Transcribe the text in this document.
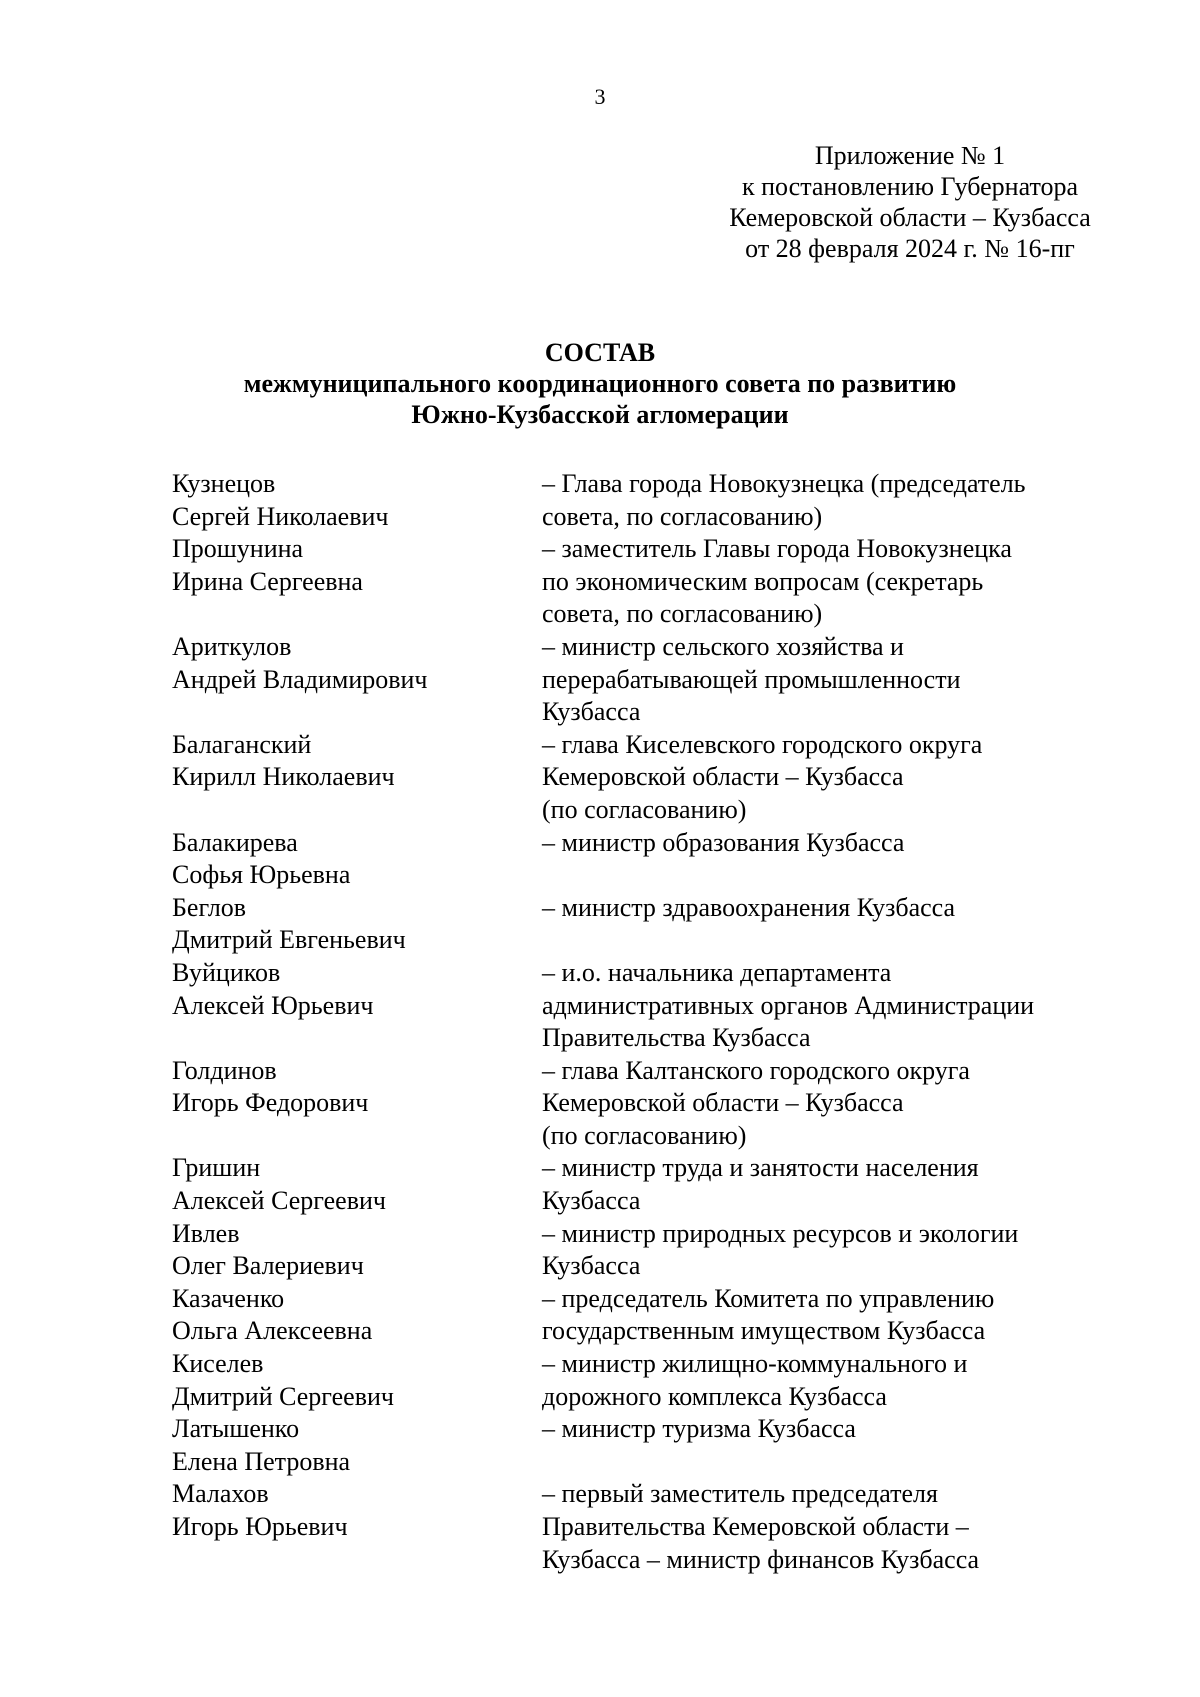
3
Приложение № 1
к постановлению Губернатора
Кемеровской области – Кузбасса
от 28 февраля 2024 г. № 16-пг
СОСТАВ
межмуниципального координационного совета по развитию
Южно-Кузбасской агломерации
Кузнецов
Сергей Николаевич
– Глава города Новокузнецка (председатель
совета, по согласованию)
Прошунина
Ирина Сергеевна
– заместитель Главы города Новокузнецка
по экономическим вопросам (секретарь
совета, по согласованию)
Ариткулов
Андрей Владимирович
– министр сельского хозяйства и
перерабатывающей промышленности
Кузбасса
Балаганский
Кирилл Николаевич
– глава Киселевского городского округа
Кемеровской области – Кузбасса
(по согласованию)
Балакирева
Софья Юрьевна
– министр образования Кузбасса
Беглов
Дмитрий Евгеньевич
– министр здравоохранения Кузбасса
Вуйциков
Алексей Юрьевич
– и.о. начальника департамента
административных органов Администрации
Правительства Кузбасса
Голдинов
Игорь Федорович
– глава Калтанского городского округа
Кемеровской области – Кузбасса
(по согласованию)
Гришин
Алексей Сергеевич
– министр труда и занятости населения
Кузбасса
Ивлев
Олег Валериевич
– министр природных ресурсов и экологии
Кузбасса
Казаченко
Ольга Алексеевна
– председатель Комитета по управлению
государственным имуществом Кузбасса
Киселев
Дмитрий Сергеевич
– министр жилищно-коммунального и
дорожного комплекса Кузбасса
Латышенко
Елена Петровна
– министр туризма Кузбасса
Малахов
Игорь Юрьевич
– первый заместитель председателя
Правительства Кемеровской области –
Кузбасса – министр финансов Кузбасса
